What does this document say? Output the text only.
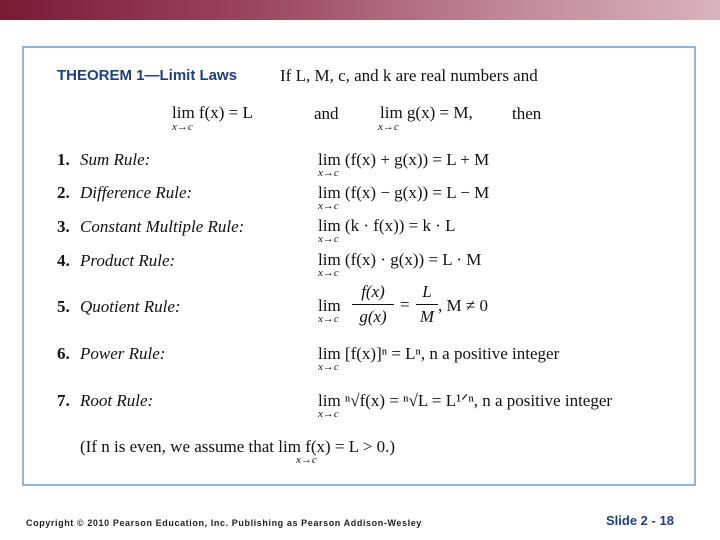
THEOREM 1—Limit Laws	If L, M, c, and k are real numbers and
lim f(x) = L
x→c
and lim g(x) = M,
x→c
then
1. Sum Rule:	lim (f(x) + g(x)) = L + M
x→c
2. Difference Rule:	lim (f(x) − g(x)) = L − M
x→c
3. Constant Multiple Rule:	lim (k · f(x)) = k · L
x→c
4. Product Rule:	lim (f(x) · g(x)) = L · M
x→c
5. Quotient Rule:	lim
x→c
f(x)
g(x)
=
L
M
, M ≠ 0
6. Power Rule:	lim [f(x)]ⁿ = Lⁿ, n a positive integer
x→c
7. Root Rule:	lim ⁿ√f(x) = ⁿ√L = L¹ᐟⁿ, n a positive integer
x→c
(If n is even, we assume that lim f(x) = L > 0.)
x→c
Copyright © 2010 Pearson Education, Inc. Publishing as Pearson Addison-Wesley	Slide 2 - 18
